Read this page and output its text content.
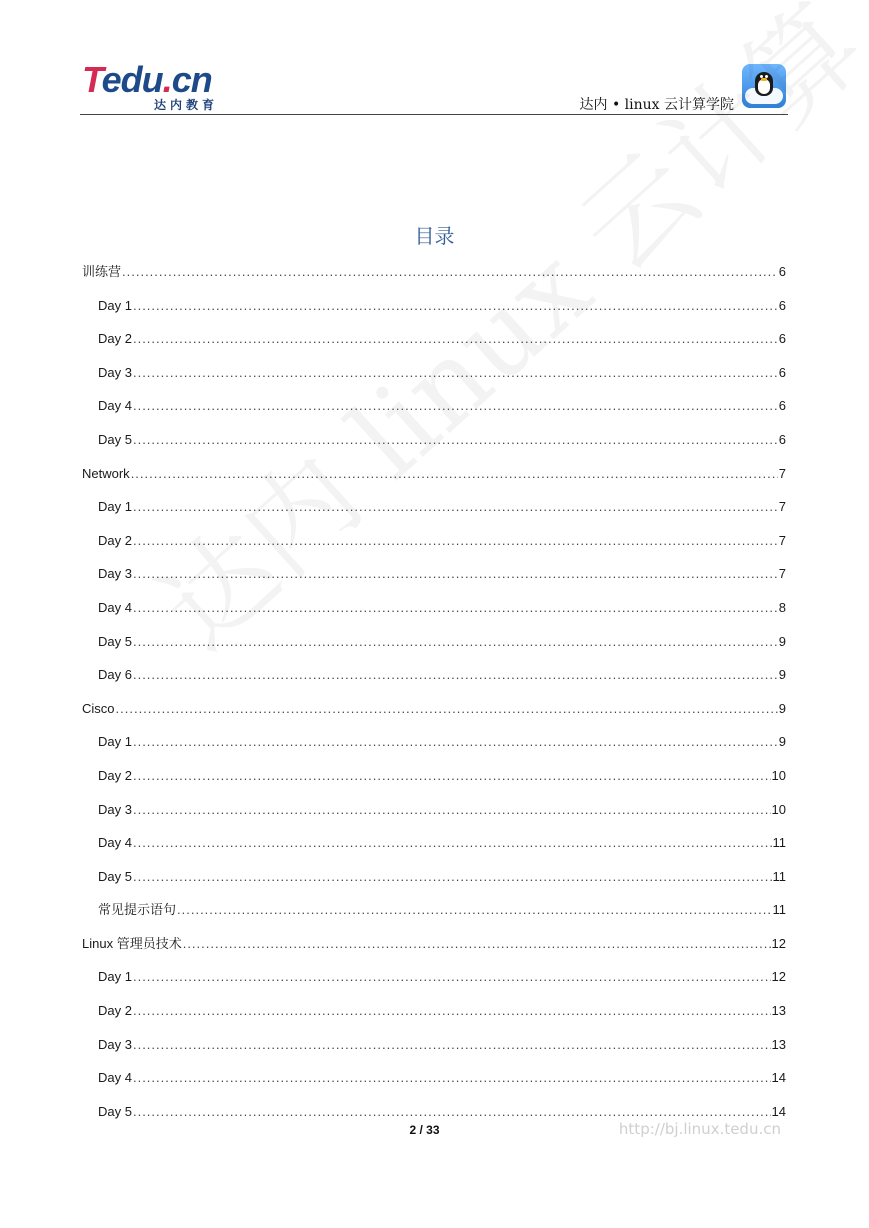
Tedu.cn
达内教育	达内 • linux 云计算学院
目录
训练营 .....	6
Day 1 .....	6
Day 2 .....	6
Day 3 .....	6
Day 4 .....	6
Day 5 .....	6
Network .....	7
Day 1 .....	7
Day 2 .....	7
Day 3 .....	7
Day 4 .....	8
Day 5 .....	9
Day 6 .....	9
Cisco .....	9
Day 1 .....	9
Day 2 .....	10
Day 3 .....	10
Day 4 .....	11
Day 5 .....	11
常见提示语句 .....	11
Linux 管理员技术 .....	12
Day 1 .....	12
Day 2 .....	13
Day 3 .....	13
Day 4 .....	14
Day 5 .....	14
2 / 33	http://bj.linux.tedu.cn
